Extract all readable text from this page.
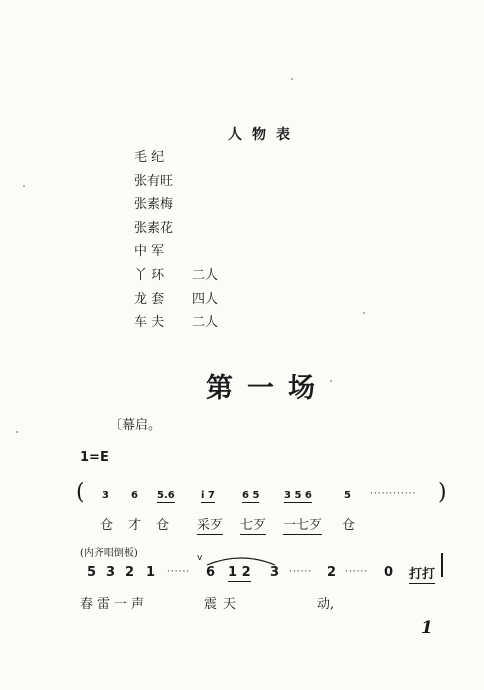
人物表
毛 纪
张有旺
张素梅
张素花
中 军
丫 环	二人
龙 套	四人
车 夫	二人
第一场
〔幕启。
1=E
( 3 6 5.6	i 7	6 5 3 5 6	5 ············ )
仓 才 仓 采歹 七歹 一七歹 仓
(内齐唱倒板)
5 3 2 1 ······
v
6 1 2 3 ······ 2 ······ 0 打打
春雷一声	震天	动,
1
